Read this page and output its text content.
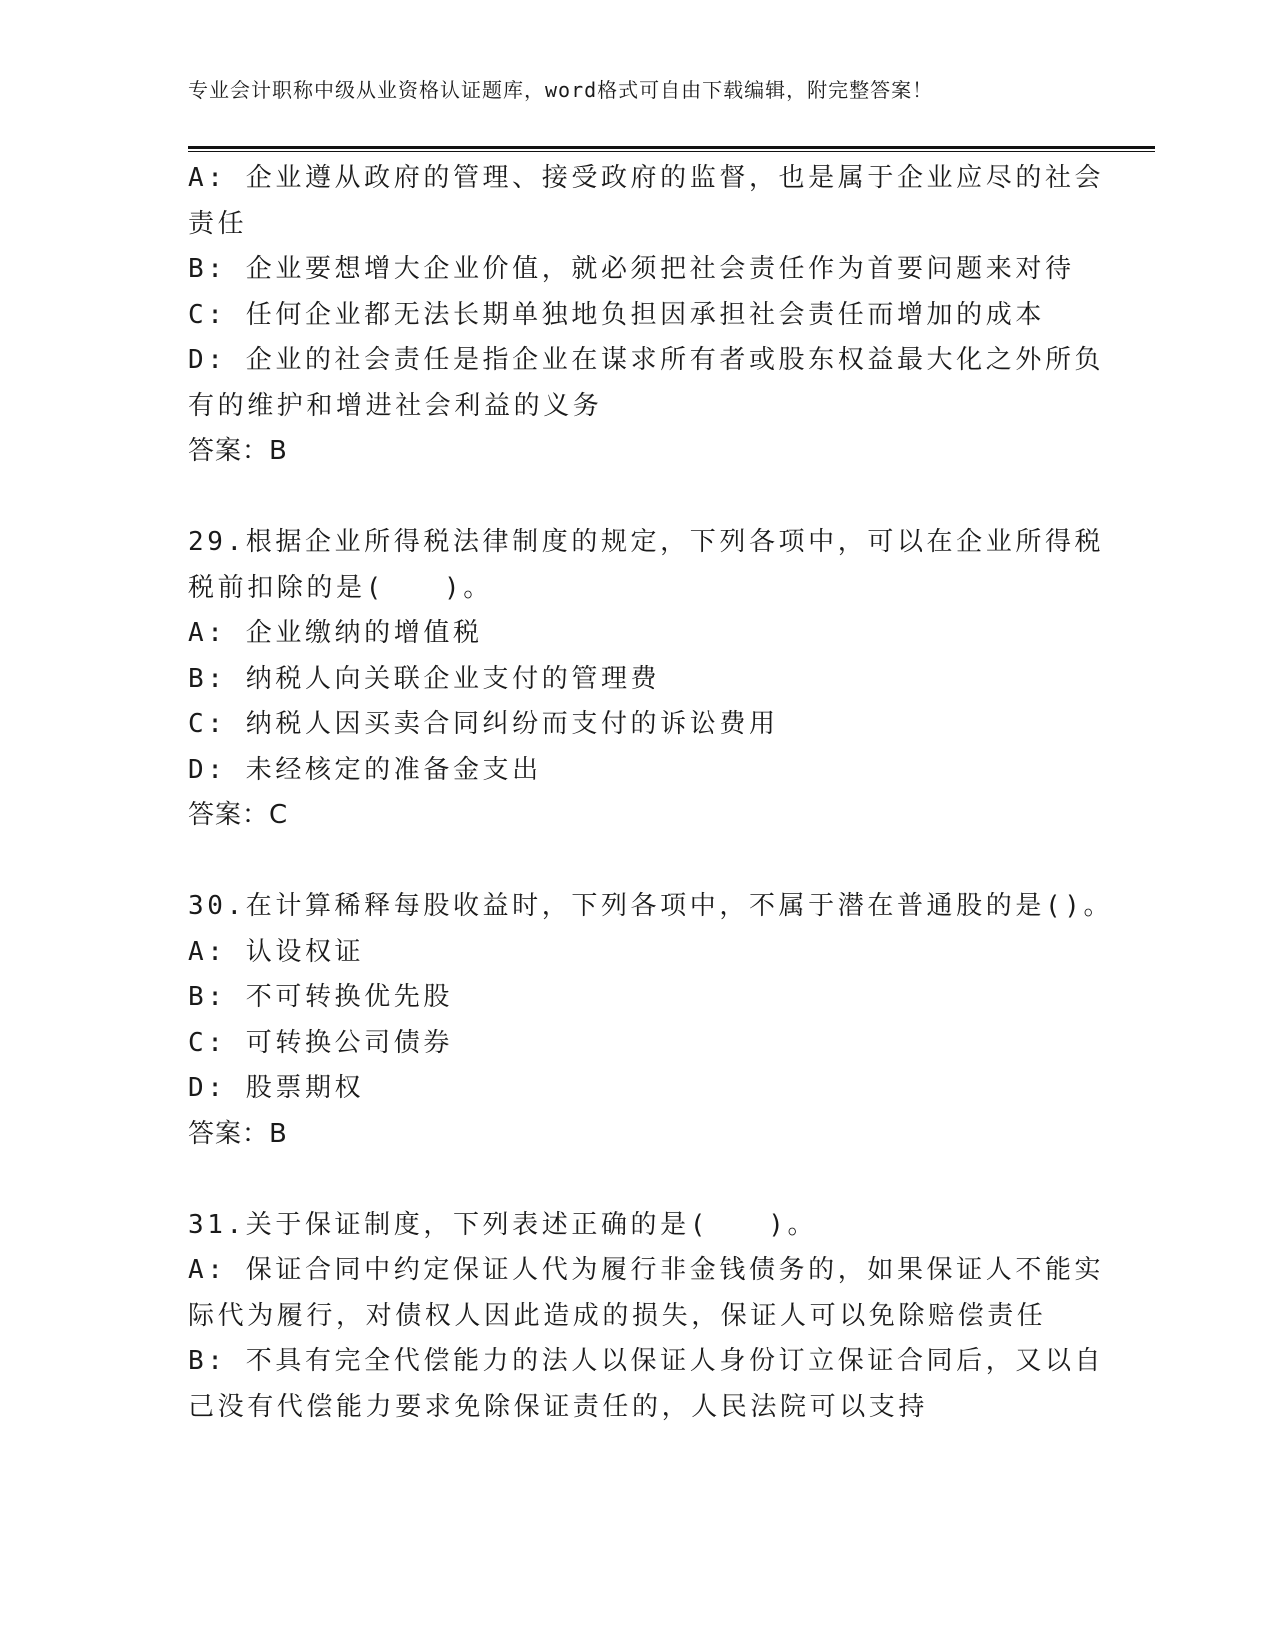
专业会计职称中级从业资格认证题库，word格式可自由下载编辑，附完整答案！
A: 企业遵从政府的管理、接受政府的监督，也是属于企业应尽的社会
责任
B: 企业要想增大企业价值，就必须把社会责任作为首要问题来对待
C: 任何企业都无法长期单独地负担因承担社会责任而增加的成本
D: 企业的社会责任是指企业在谋求所有者或股东权益最大化之外所负
有的维护和增进社会利益的义务
答案：B
29.根据企业所得税法律制度的规定，下列各项中，可以在企业所得税
税前扣除的是(　　)。
A: 企业缴纳的增值税
B: 纳税人向关联企业支付的管理费
C: 纳税人因买卖合同纠纷而支付的诉讼费用
D: 未经核定的准备金支出
答案：C
30.在计算稀释每股收益时，下列各项中，不属于潜在普通股的是()。
A: 认设权证
B: 不可转换优先股
C: 可转换公司债券
D: 股票期权
答案：B
31.关于保证制度，下列表述正确的是(　　)。
A: 保证合同中约定保证人代为履行非金钱债务的，如果保证人不能实
际代为履行，对债权人因此造成的损失，保证人可以免除赔偿责任
B: 不具有完全代偿能力的法人以保证人身份订立保证合同后，又以自
己没有代偿能力要求免除保证责任的，人民法院可以支持
